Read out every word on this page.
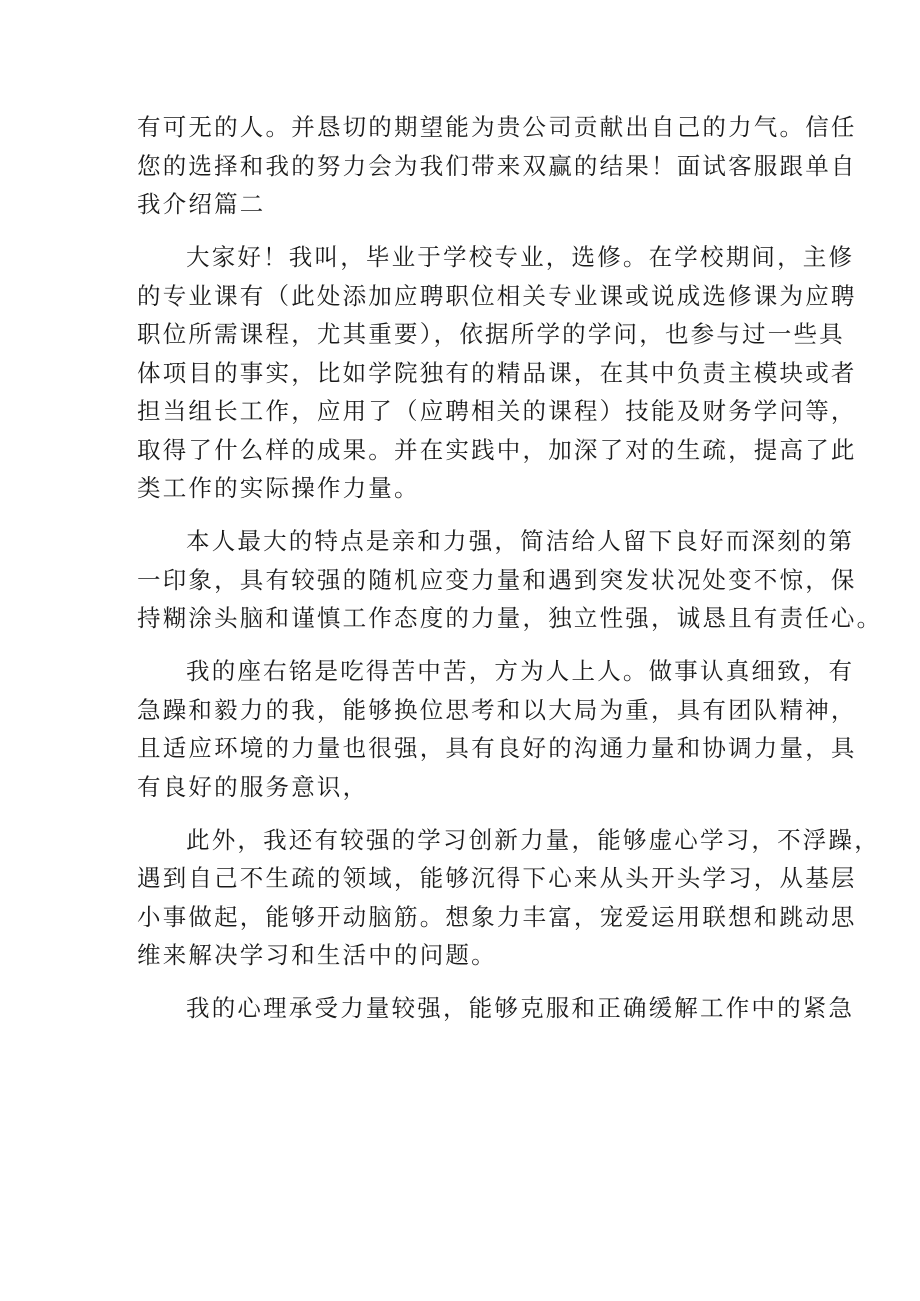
有可无的人。并恳切的期望能为贵公司贡献出自己的力气。信任
您的选择和我的努力会为我们带来双赢的结果！面试客服跟单自
我介绍篇二
大家好！我叫，毕业于学校专业，选修。在学校期间，主修
的专业课有（此处添加应聘职位相关专业课或说成选修课为应聘
职位所需课程，尤其重要），依据所学的学问，也参与过一些具
体项目的事实，比如学院独有的精品课，在其中负责主模块或者
担当组长工作，应用了（应聘相关的课程）技能及财务学问等，
取得了什么样的成果。并在实践中，加深了对的生疏，提高了此
类工作的实际操作力量。
本人最大的特点是亲和力强，简洁给人留下良好而深刻的第
一印象，具有较强的随机应变力量和遇到突发状况处变不惊，保
持糊涂头脑和谨慎工作态度的力量，独立性强，诚恳且有责任心。
我的座右铭是吃得苦中苦，方为人上人。做事认真细致，有
急躁和毅力的我，能够换位思考和以大局为重，具有团队精神，
且适应环境的力量也很强，具有良好的沟通力量和协调力量，具
有良好的服务意识，
此外，我还有较强的学习创新力量，能够虚心学习，不浮躁，
遇到自己不生疏的领域，能够沉得下心来从头开头学习，从基层
小事做起，能够开动脑筋。想象力丰富，宠爱运用联想和跳动思
维来解决学习和生活中的问题。
我的心理承受力量较强，能够克服和正确缓解工作中的紧急
